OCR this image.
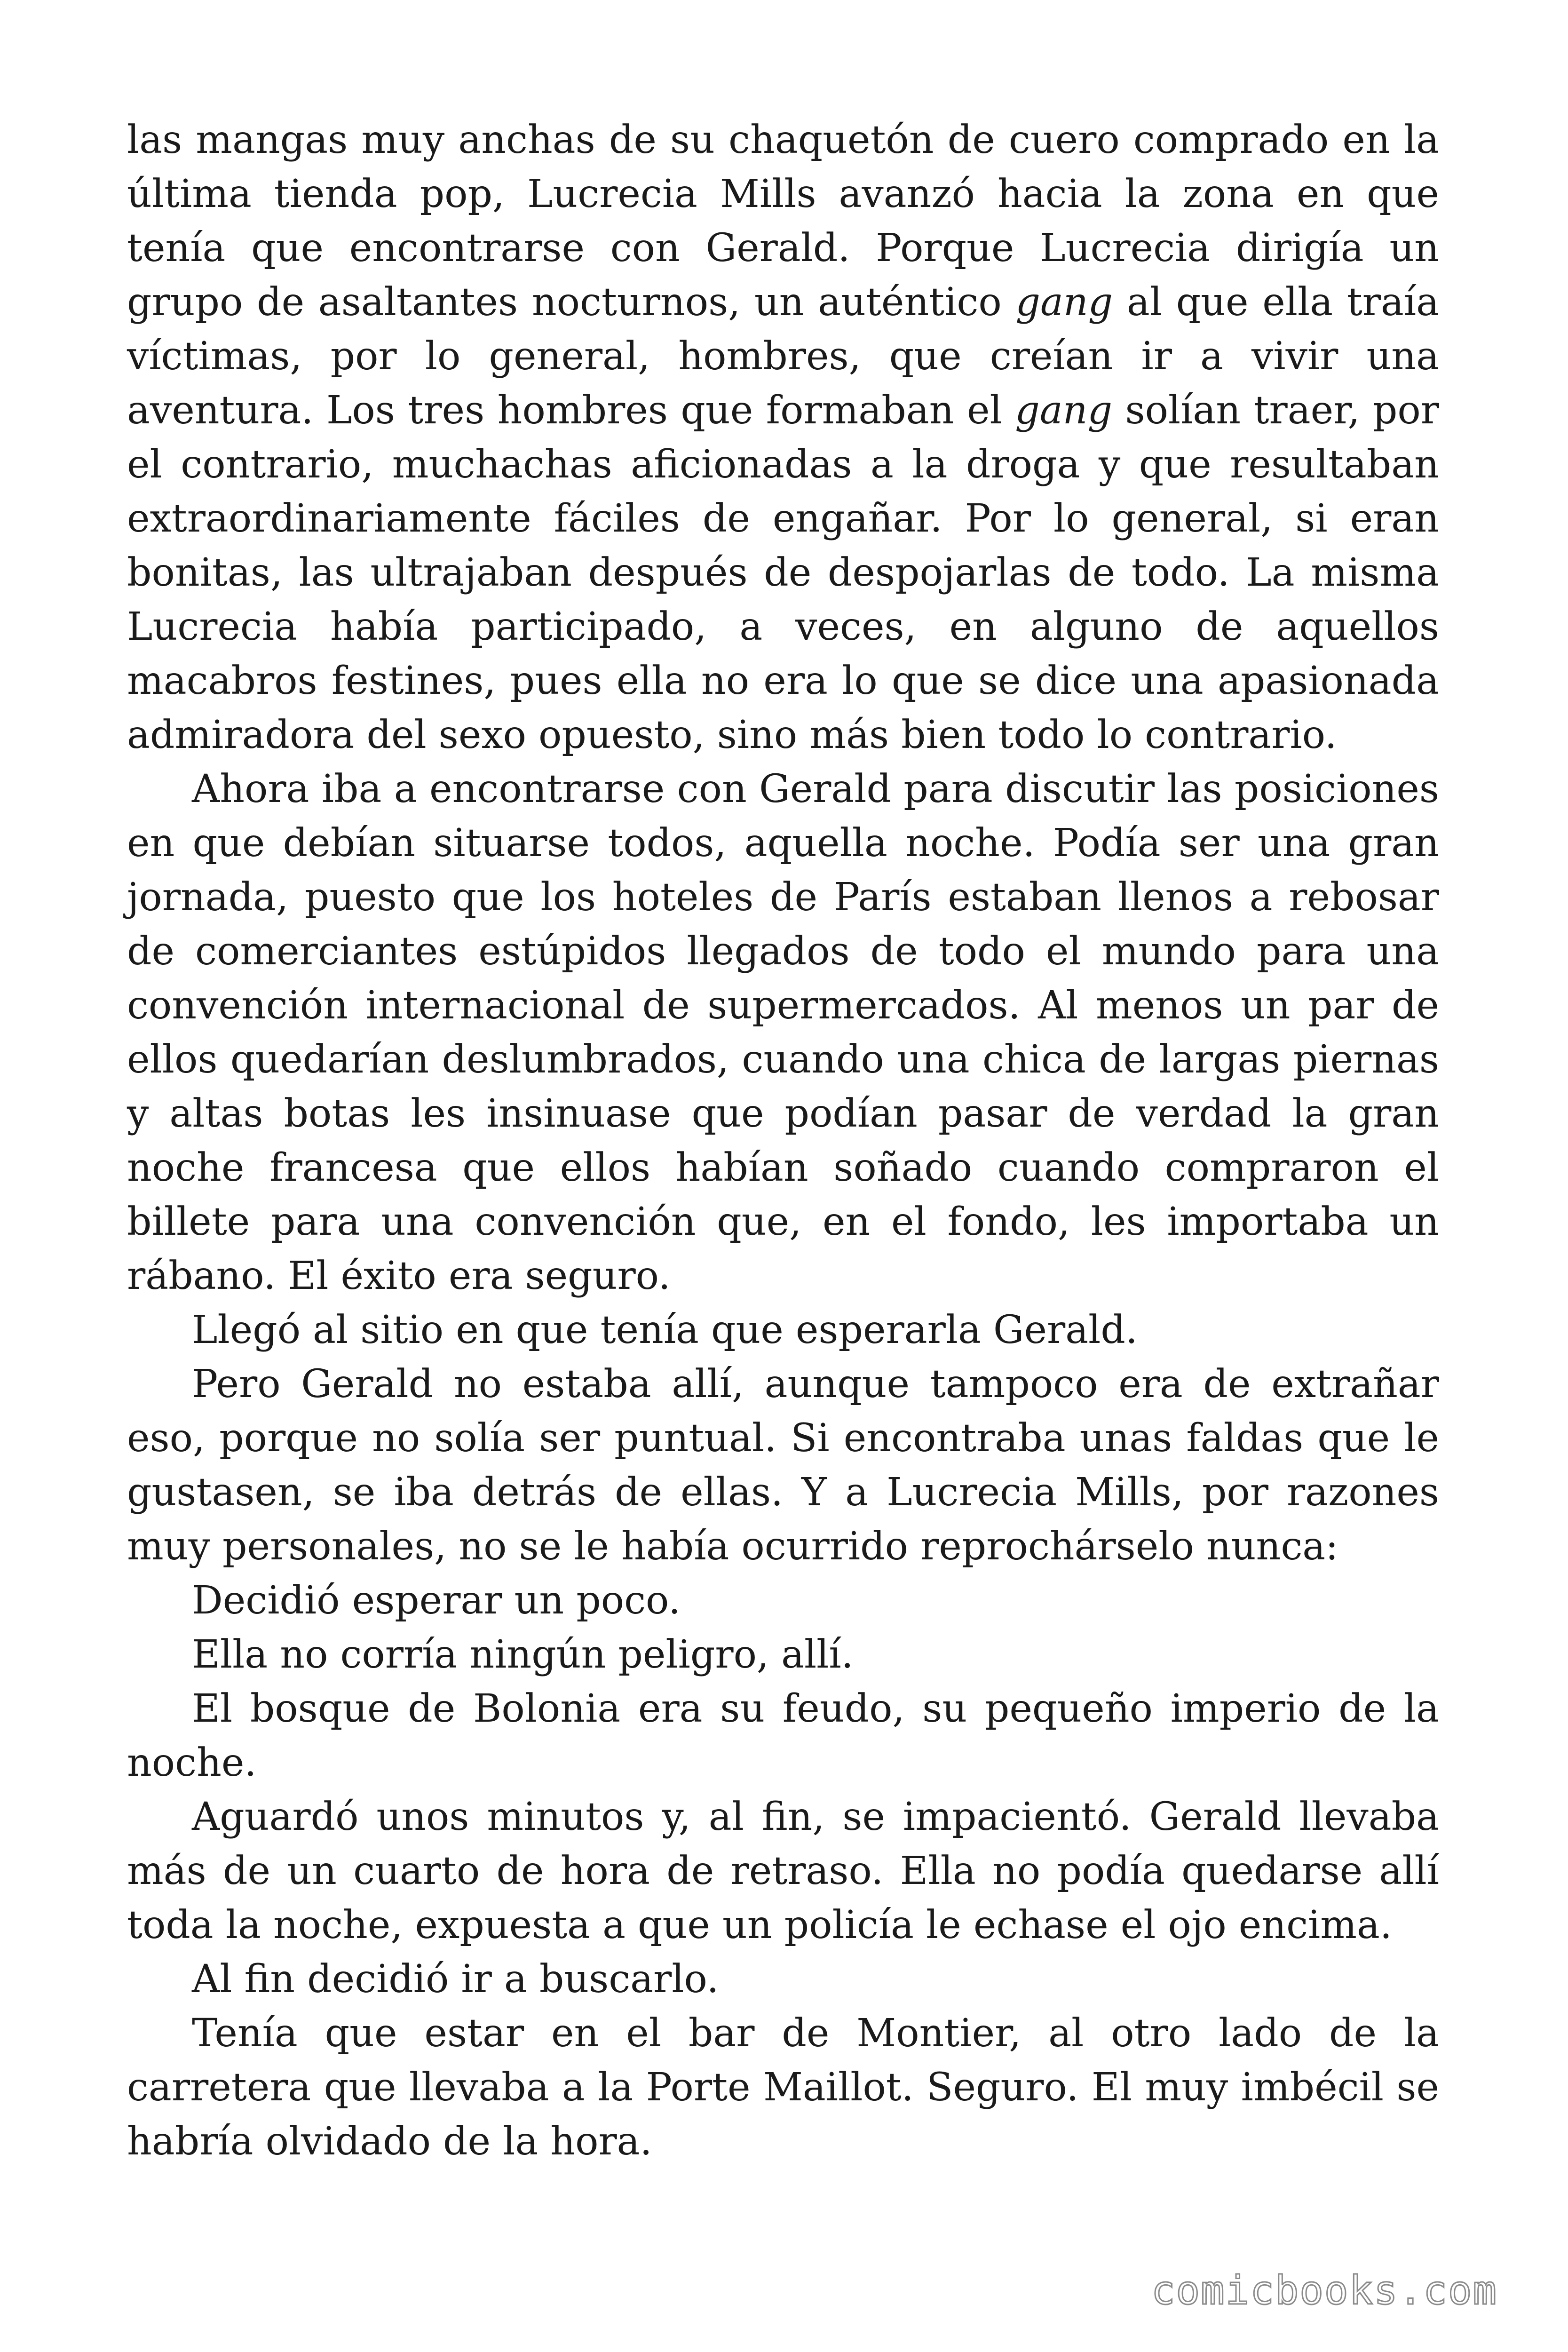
las mangas muy anchas de su chaquetón de cuero comprado en la última tienda pop, Lucrecia Mills avanzó hacia la zona en que tenía que encontrarse con Gerald. Porque Lucrecia dirigía un grupo de asaltantes nocturnos, un auténtico gang al que ella traía víctimas, por lo general, hombres, que creían ir a vivir una aventura. Los tres hombres que formaban el gang solían traer, por el contrario, muchachas aficionadas a la droga y que resultaban extraordinariamente fáciles de engañar. Por lo general, si eran bonitas, las ultrajaban después de despojarlas de todo. La misma Lucrecia había participado, a veces, en alguno de aquellos macabros festines, pues ella no era lo que se dice una apasionada admiradora del sexo opuesto, sino más bien todo lo contrario.

Ahora iba a encontrarse con Gerald para discutir las posiciones en que debían situarse todos, aquella noche. Podía ser una gran jornada, puesto que los hoteles de París estaban llenos a rebosar de comerciantes estúpidos llegados de todo el mundo para una convención internacional de supermercados. Al menos un par de ellos quedarían deslumbrados, cuando una chica de largas piernas y altas botas les insinuase que podían pasar de verdad la gran noche francesa que ellos habían soñado cuando compraron el billete para una convención que, en el fondo, les importaba un rábano. El éxito era seguro.

Llegó al sitio en que tenía que esperarla Gerald.

Pero Gerald no estaba allí, aunque tampoco era de extrañar eso, porque no solía ser puntual. Si encontraba unas faldas que le gustasen, se iba detrás de ellas. Y a Lucrecia Mills, por razones muy personales, no se le había ocurrido reprochárselo nunca:

Decidió esperar un poco.

Ella no corría ningún peligro, allí.

El bosque de Bolonia era su feudo, su pequeño imperio de la noche.

Aguardó unos minutos y, al fin, se impacientó. Gerald llevaba más de un cuarto de hora de retraso. Ella no podía quedarse allí toda la noche, expuesta a que un policía le echase el ojo encima.

Al fin decidió ir a buscarlo.

Tenía que estar en el bar de Montier, al otro lado de la carretera que llevaba a la Porte Maillot. Seguro. El muy imbécil se habría olvidado de la hora.

comicbooks.com
